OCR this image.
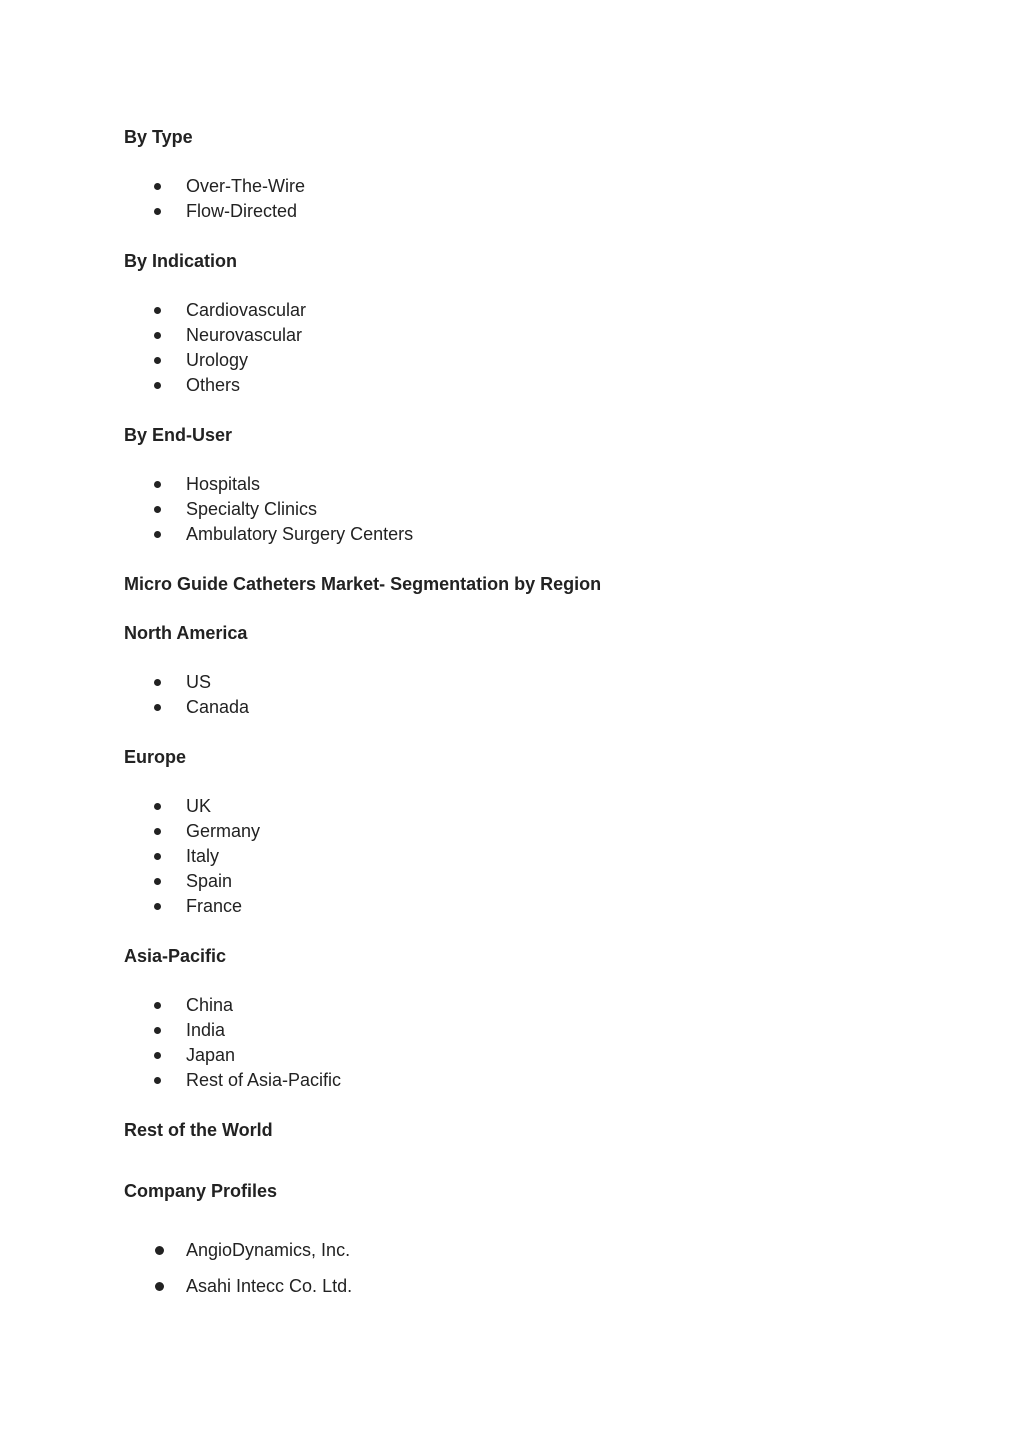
By Type
Over-The-Wire
Flow-Directed
By Indication
Cardiovascular
Neurovascular
Urology
Others
By End-User
Hospitals
Specialty Clinics
Ambulatory Surgery Centers
Micro Guide Catheters Market- Segmentation by Region
North America
US
Canada
Europe
UK
Germany
Italy
Spain
France
Asia-Pacific
China
India
Japan
Rest of Asia-Pacific
Rest of the World
Company Profiles
AngioDynamics, Inc.
Asahi Intecc Co. Ltd.
